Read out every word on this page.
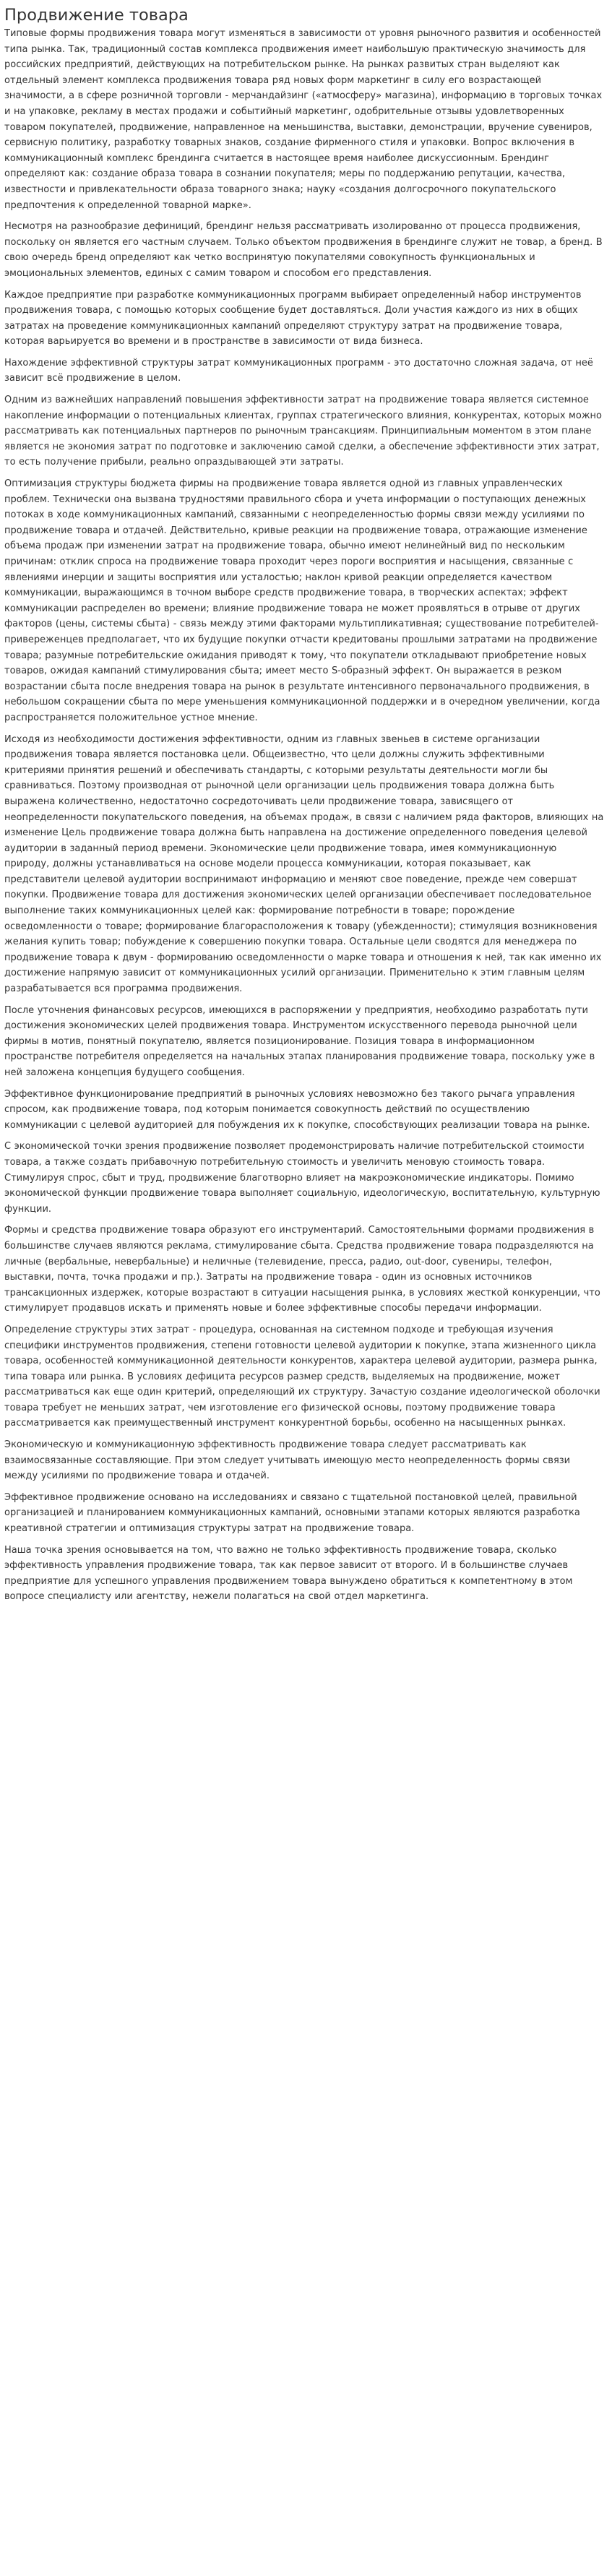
Продвижение товара

Типовые формы продвижения товара могут изменяться в зависимости от уровня рыночного развития и особенностей типа рынка. Так, традиционный состав комплекса продвижения имеет наибольшую практическую значимость для российских предприятий, действующих на потребительском рынке. На рынках развитых стран выделяют как отдельный элемент комплекса продвижения товара ряд новых форм маркетинг в силу его возрастающей значимости, а в сфере розничной торговли - мерчандайзинг («атмосферу» магазина), информацию в торговых точках и на упаковке, рекламу в местах продажи и событийный маркетинг, одобрительные отзывы удовлетворенных товаром покупателей, продвижение, направленное на меньшинства, выставки, демонстрации, вручение сувениров, сервисную политику, разработку товарных знаков, создание фирменного стиля и упаковки. Вопрос включения в коммуникационный комплекс брендинга считается в настоящее время наиболее дискуссионным. Брендинг определяют как: создание образа товара в сознании покупателя; меры по поддержанию репутации, качества, известности и привлекательности образа товарного знака; науку «создания долгосрочного покупательского предпочтения к определенной товарной марке».

Несмотря на разнообразие дефиниций, брендинг нельзя рассматривать изолированно от процесса продвижения, поскольку он является его частным случаем. Только объектом продвижения в брендинге служит не товар, а бренд. В свою очередь бренд определяют как четко воспринятую покупателями совокупность функциональных и эмоциональных элементов, единых с самим товаром и способом его представления.

Каждое предприятие при разработке коммуникационных программ выбирает определенный набор инструментов продвижения товара, с помощью которых сообщение будет доставляться. Доли участия каждого из них в общих затратах на проведение коммуникационных кампаний определяют структуру затрат на продвижение товара, которая варьируется во времени и в пространстве в зависимости от вида бизнеса.

Нахождение эффективной структуры затрат коммуникационных программ - это достаточно сложная задача, от неё зависит всё продвижение в целом.

Одним из важнейших направлений повышения эффективности затрат на продвижение товара является системное накопление информации о потенциальных клиентах, группах стратегического влияния, конкурентах, которых можно рассматривать как потенциальных партнеров по рыночным трансакциям. Принципиальным моментом в этом плане является не экономия затрат по подготовке и заключению самой сделки, а обеспечение эффективности этих затрат, то есть получение прибыли, реально опраздывающей эти затраты.

Оптимизация структуры бюджета фирмы на продвижение товара является одной из главных управленческих проблем. Технически она вызвана трудностями правильного сбора и учета информации о поступающих денежных потоках в ходе коммуникационных кампаний, связанными с неопределенностью формы связи между усилиями по продвижение товара и отдачей. Действительно, кривые реакции на продвижение товара, отражающие изменение объема продаж при изменении затрат на продвижение товара, обычно имеют нелинейный вид по нескольким причинам: отклик спроса на продвижение товара проходит через пороги восприятия и насыщения, связанные с явлениями инерции и защиты восприятия или усталостью; наклон кривой реакции определяется качеством коммуникации, выражающимся в точном выборе средств продвижение товара, в творческих аспектах; эффект коммуникации распределен во времени; влияние продвижение товара не может проявляться в отрыве от других факторов (цены, системы сбыта) - связь между этими факторами мультипликативная; существование потребителей-привереженцев предполагает, что их будущие покупки отчасти кредитованы прошлыми затратами на продвижение товара; разумные потребительские ожидания приводят к тому, что покупатели откладывают приобретение новых товаров, ожидая кампаний стимулирования сбыта; имеет место S-образный эффект. Он выражается в резком возрастании сбыта после внедрения товара на рынок в результате интенсивного первоначального продвижения, в небольшом сокращении сбыта по мере уменьшения коммуникационной поддержки и в очередном увеличении, когда распространяется положительное устное мнение.

Исходя из необходимости достижения эффективности, одним из главных звеньев в системе организации продвижения товара является постановка цели. Общеизвестно, что цели должны служить эффективными критериями принятия решений и обеспечивать стандарты, с которыми результаты деятельности могли бы сравниваться. Поэтому производная от рыночной цели организации цель продвижения товара должна быть выражена количественно, недостаточно сосредоточивать цели продвижение товара, зависящего от неопределенности покупательского поведения, на объемах продаж, в связи с наличием ряда факторов, влияющих на изменение Цель продвижение товара должна быть направлена на достижение определенного поведения целевой аудитории в заданный период времени. Экономические цели продвижение товара, имея коммуникационную природу, должны устанавливаться на основе модели процесса коммуникации, которая показывает, как представители целевой аудитории воспринимают информацию и меняют свое поведение, прежде чем совершат покупки. Продвижение товара для достижения экономических целей организации обеспечивает последовательное выполнение таких коммуникационных целей как: формирование потребности в товаре; порождение осведомленности о товаре; формирование благорасположения к товару (убежденности); стимуляция возникновения желания купить товар; побуждение к совершению покупки товара. Остальные цели сводятся для менеджера по продвижение товара к двум - формированию осведомленности о марке товара и отношения к ней, так как именно их достижение напрямую зависит от коммуникационных усилий организации. Применительно к этим главным целям разрабатывается вся программа продвижения.

После уточнения финансовых ресурсов, имеющихся в распоряжении у предприятия, необходимо разработать пути достижения экономических целей продвижения товара. Инструментом искусственного перевода рыночной цели фирмы в мотив, понятный покупателю, является позиционирование. Позиция товара в информационном пространстве потребителя определяется на начальных этапах планирования продвижение товара, поскольку уже в ней заложена концепция будущего сообщения.

Эффективное функционирование предприятий в рыночных условиях невозможно без такого рычага управления спросом, как продвижение товара, под которым понимается совокупность действий по осуществлению коммуникации с целевой аудиторией для побуждения их к покупке, способствующих реализации товара на рынке.

С экономической точки зрения продвижение позволяет продемонстрировать наличие потребительской стоимости товара, а также создать прибавочную потребительную стоимость и увеличить меновую стоимость товара. Стимулируя спрос, сбыт и труд, продвижение благотворно влияет на макроэкономические индикаторы. Помимо экономической функции продвижение товара выполняет социальную, идеологическую, воспитательную, культурную функции.

Формы и средства продвижение товара образуют его инструментарий. Самостоятельными формами продвижения в большинстве случаев являются реклама, стимулирование сбыта. Средства продвижение товара подразделяются на личные (вербальные, невербальные) и неличные (телевидение, пресса, радио, out-door, сувениры, телефон, выставки, почта, точка продажи и пр.). Затраты на продвижение товара - один из основных источников трансакционных издержек, которые возрастают в ситуации насыщения рынка, в условиях жесткой конкуренции, что стимулирует продавцов искать и применять новые и более эффективные способы передачи информации.

Определение структуры этих затрат - процедура, основанная на системном подходе и требующая изучения специфики инструментов продвижения, степени готовности целевой аудитории к покупке, этапа жизненного цикла товара, особенностей коммуникационной деятельности конкурентов, характера целевой аудитории, размера рынка, типа товара или рынка. В условиях дефицита ресурсов размер средств, выделяемых на продвижение, может рассматриваться как еще один критерий, определяющий их структуру. Зачастую создание идеологической оболочки товара требует не меньших затрат, чем изготовление его физической основы, поэтому продвижение товара рассматривается как преимущественный инструмент конкурентной борьбы, особенно на насыщенных рынках.

Экономическую и коммуникационную эффективность продвижение товара следует рассматривать как взаимосвязанные составляющие. При этом следует учитывать имеющую место неопределенность формы связи между усилиями по продвижение товара и отдачей.

Эффективное продвижение основано на исследованиях и связано с тщательной постановкой целей, правильной организацией и планированием коммуникационных кампаний, основными этапами которых являются разработка креативной стратегии и оптимизация структуры затрат на продвижение товара.

Наша точка зрения основывается на том, что важно не только эффективность продвижение товара, сколько эффективность управления продвижение товара, так как первое зависит от второго. И в большинстве случаев предприятие для успешного управления продвижением товара вынуждено обратиться к компетентному в этом вопросе специалисту или агентству, нежели полагаться на свой отдел маркетинга.
